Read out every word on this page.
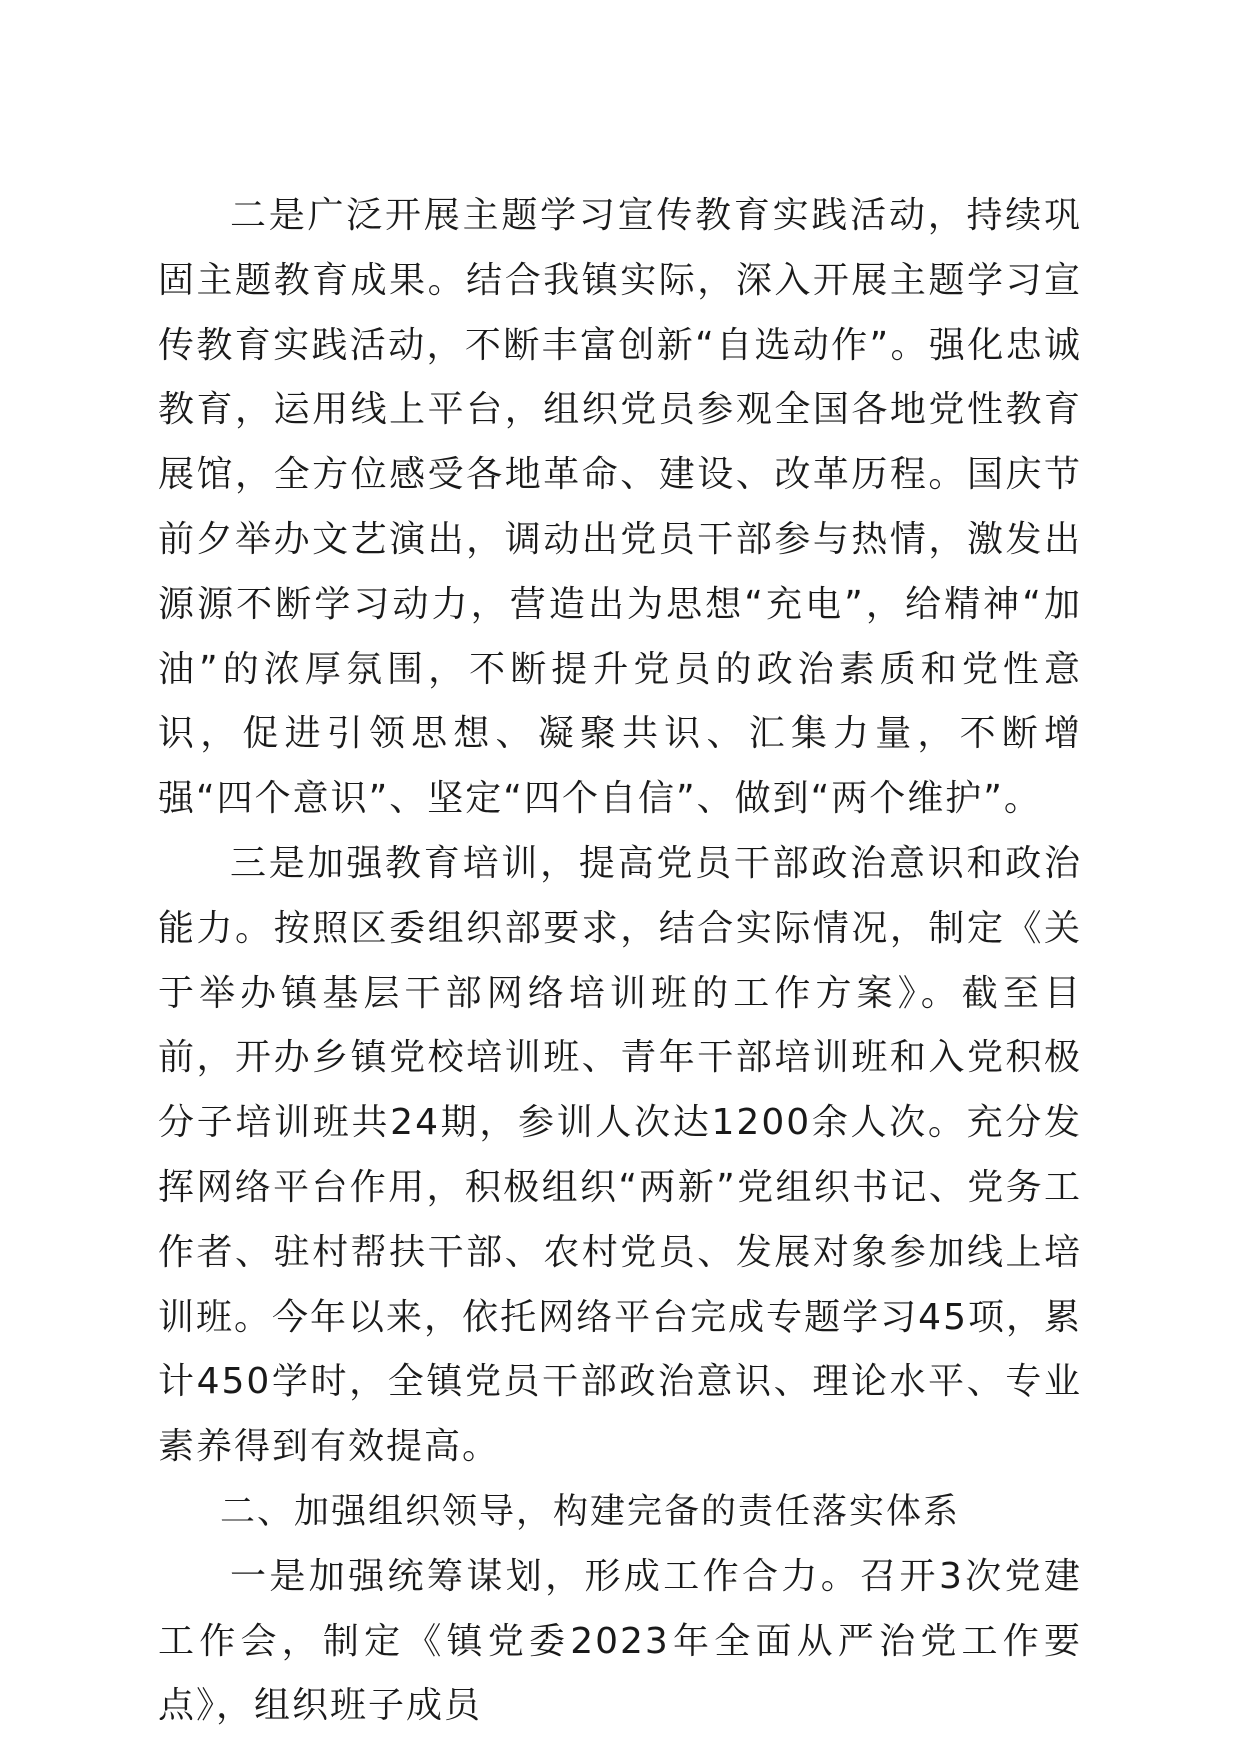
二是广泛开展主题学习宣传教育实践活动，持续巩固主题教育成果。结合我镇实际，深入开展主题学习宣传教育实践活动，不断丰富创新“自选动作”。强化忠诚教育，运用线上平台，组织党员参观全国各地党性教育展馆，全方位感受各地革命、建设、改革历程。国庆节前夕举办文艺演出，调动出党员干部参与热情，激发出源源不断学习动力，营造出为思想“充电”，给精神“加油”的浓厚氛围，不断提升党员的政治素质和党性意识，促进引领思想、凝聚共识、汇集力量，不断增强“四个意识”、坚定“四个自信”、做到“两个维护”。

三是加强教育培训，提高党员干部政治意识和政治能力。按照区委组织部要求，结合实际情况，制定《关于举办镇基层干部网络培训班的工作方案》。截至目前，开办乡镇党校培训班、青年干部培训班和入党积极分子培训班共24期，参训人次达1200余人次。充分发挥网络平台作用，积极组织“两新”党组织书记、党务工作者、驻村帮扶干部、农村党员、发展对象参加线上培训班。今年以来，依托网络平台完成专题学习45项，累计450学时，全镇党员干部政治意识、理论水平、专业素养得到有效提高。

二、加强组织领导，构建完备的责任落实体系

一是加强统筹谋划，形成工作合力。召开3次党建工作会，制定《镇党委2023年全面从严治党工作要点》，组织班子成员
